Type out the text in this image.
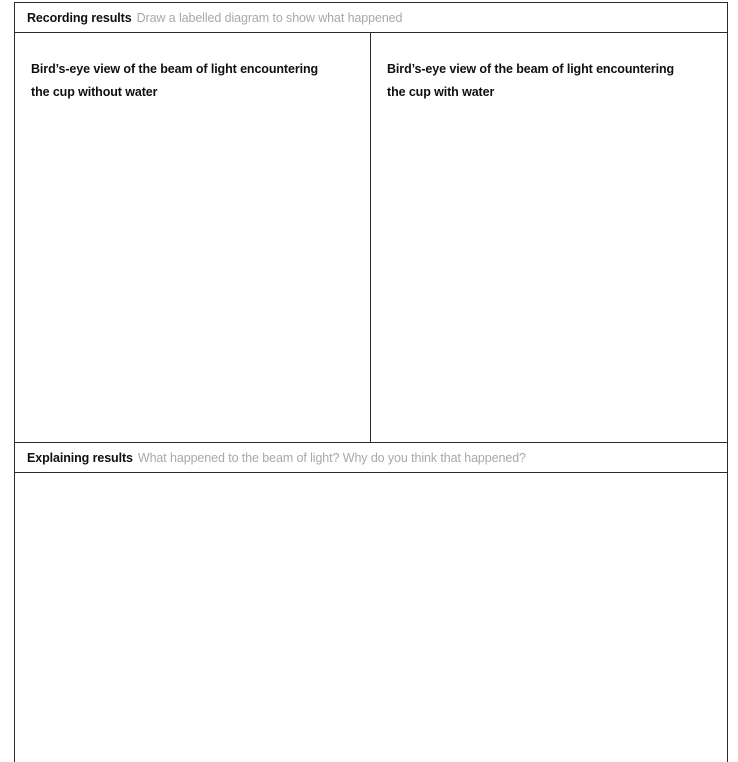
Recording results Draw a labelled diagram to show what happened
Bird’s-eye view of the beam of light encountering the cup without water
Bird’s-eye view of the beam of light encountering the cup with water
Explaining results What happened to the beam of light? Why do you think that happened?
